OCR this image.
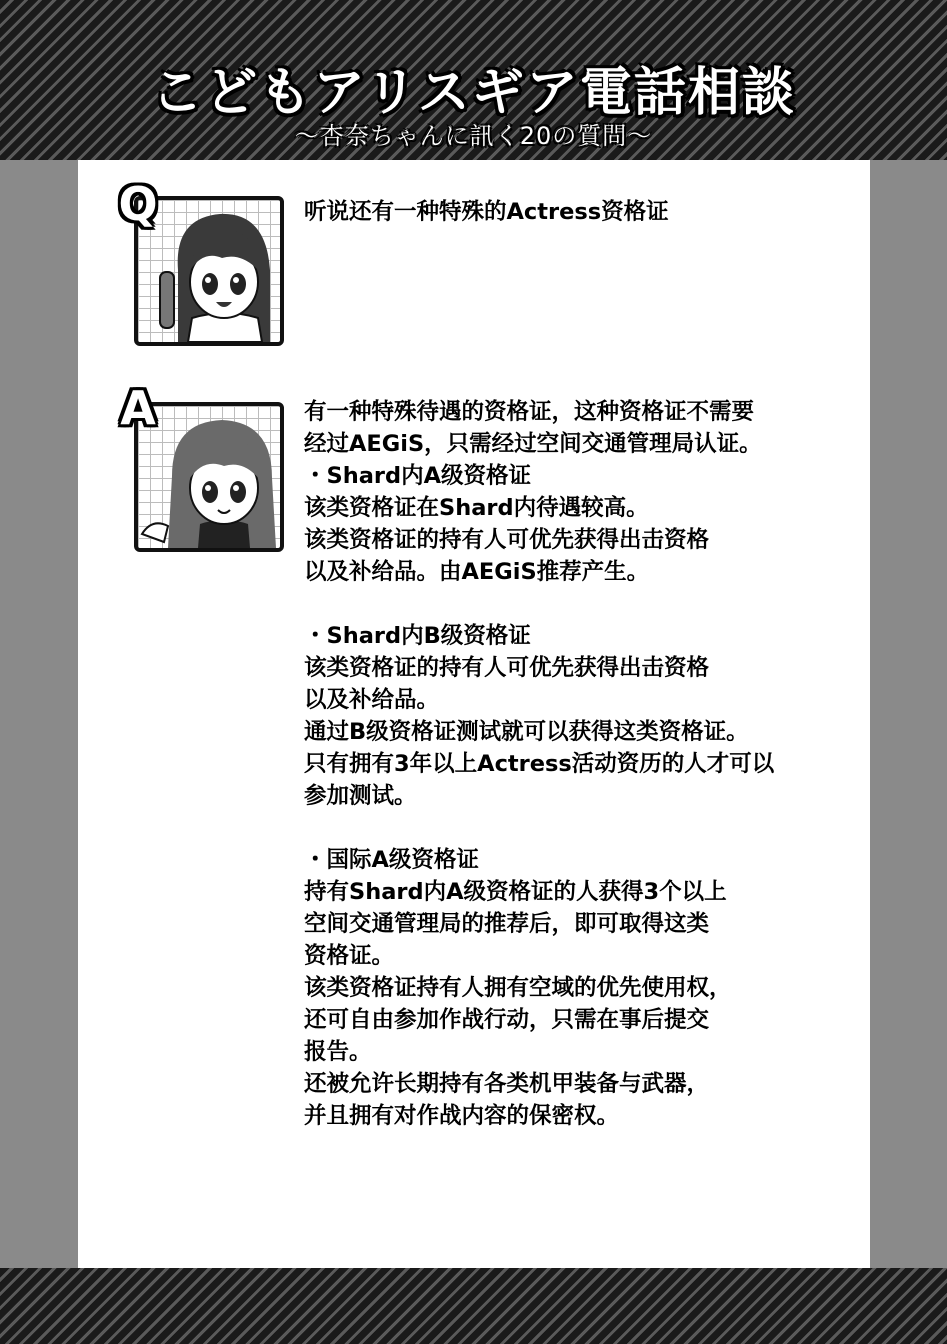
こどもアリスギア電話相談
～杏奈ちゃんに訊く20の質問～
Q	听说还有一种特殊的Actress资格证
A	有一种特殊待遇的资格证，这种资格证不需要
经过AEGiS，只需经过空间交通管理局认证。
・Shard内A级资格证
该类资格证在Shard内待遇较高。
该类资格证的持有人可优先获得出击资格
以及补给品。由AEGiS推荐产生。
・Shard内B级资格证
该类资格证的持有人可优先获得出击资格
以及补给品。
通过B级资格证测试就可以获得这类资格证。
只有拥有3年以上Actress活动资历的人才可以
参加测试。
・国际A级资格证
持有Shard内A级资格证的人获得3个以上
空间交通管理局的推荐后，即可取得这类
资格证。
该类资格证持有人拥有空域的优先使用权，
还可自由参加作战行动，只需在事后提交
报告。
还被允许长期持有各类机甲装备与武器，
并且拥有对作战内容的保密权。
